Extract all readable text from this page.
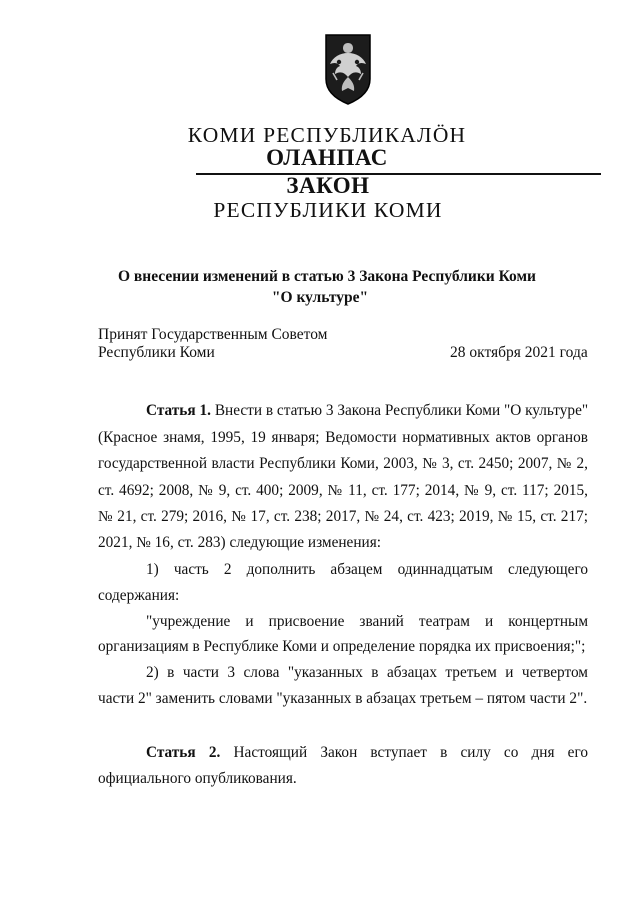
КОМИ РЕСПУБЛИКАЛÖН
ОЛАНПАС
ЗАКОН
РЕСПУБЛИКИ КОМИ
О внесении изменений в статью 3 Закона Республики Коми
"О культуре"
Принят Государственным Советом
Республики Коми	28 октября 2021 года
Статья 1. Внести в статью 3 Закона Республики Коми "О культуре"
(Красное знамя, 1995, 19 января; Ведомости нормативных актов органов
государственной власти Республики Коми, 2003, № 3, ст. 2450; 2007, № 2,
ст. 4692; 2008, № 9, ст. 400; 2009, № 11, ст. 177; 2014, № 9, ст. 117; 2015,
№ 21, ст. 279; 2016, № 17, ст. 238; 2017, № 24, ст. 423; 2019, № 15, ст. 217;
2021, № 16, ст. 283) следующие изменения:
1) часть 2 дополнить абзацем одиннадцатым следующего
содержания:
"учреждение и присвоение званий театрам и концертным
организациям в Республике Коми и определение порядка их присвоения;";
2) в части 3 слова "указанных в абзацах третьем и четвертом
части 2" заменить словами "указанных в абзацах третьем – пятом части 2".
Статья 2. Настоящий Закон вступает в силу со дня его
официального опубликования.
